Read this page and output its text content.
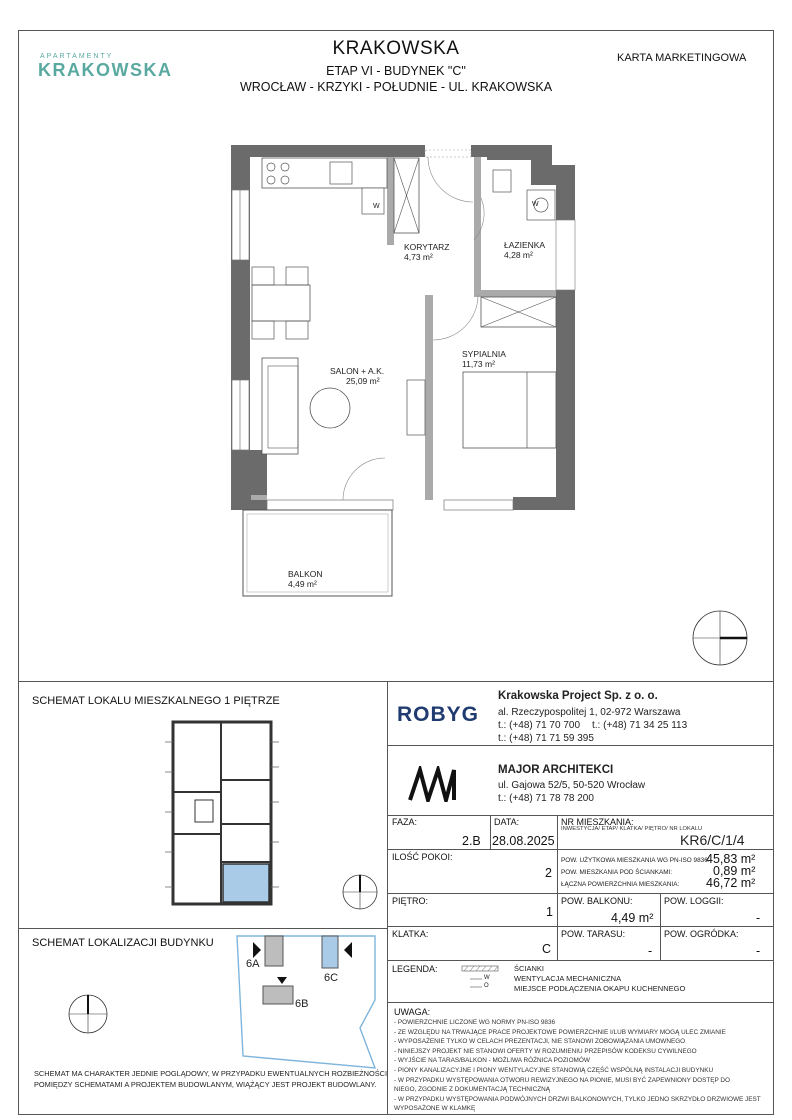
APARTAMENTY
KRAKOWSKA
KRAKOWSKA
ETAP VI - BUDYNEK "C"
WROCŁAW - KRZYKI - POŁUDNIE - UL. KRAKOWSKA
KARTA MARKETINGOWA
KORYTARZ
4,73 m²
ŁAZIENKA
4,28 m²
SALON + A.K.
25,09 m²
SYPIALNIA
11,73 m²
BALKON
4,49 m²
W	W
SCHEMAT LOKALU MIESZKALNEGO 1 PIĘTRZE
SCHEMAT LOKALIZACJI BUDYNKU
6A
6C
6B
SCHEMAT MA CHARAKTER JEDNIE POGLĄDOWY, W PRZYPADKU EWENTUALNYCH ROZBIEŻNOŚCI
POMIĘDZY SCHEMATAMI A PROJEKTEM BUDOWLANYM, WIĄŻĄCY JEST PROJEKT BUDOWLANY.
ROBYG
Krakowska Project Sp. z o. o.
al. Rzeczypospolitej 1, 02-972 Warszawa
t.: (+48) 71 70 700 t.: (+48) 71 34 25 113
t.: (+48) 71 71 59 395
MAJOR ARCHITEKCI
ul. Gajowa 52/5, 50-520 Wrocław
t.: (+48) 71 78 78 200
FAZA:
2.B
DATA:
28.08.2025
NR MIESZKANIA:
INWESTYCJA/ ETAP/ KLATKA/ PIĘTRO/ NR LOKALU
KR6/C/1/4
ILOŚĆ POKOI:
2
POW. UŻYTKOWA MIESZKANIA WG PN-ISO 9836:
45,83 m²
POW. MIESZKANIA POD ŚCIANKAMI:	0,89 m²
ŁĄCZNA POWIERZCHNIA MIESZKANIA: 46,72 m²
PIĘTRO:
1
POW. BALKONU:
4,49 m²
POW. LOGGII:
-
KLATKA:
C
POW. TARASU:
-
POW. OGRÓDKA:
-
LEGENDA:
W
O
ŚCIANKI
WENTYLACJA MECHANICZNA
MIEJSCE PODŁĄCZENIA OKAPU KUCHENNEGO
UWAGA:
- POWIERZCHNIE LICZONE WG NORMY PN-ISO 9836
- ZE WZGLĘDU NA TRWAJĄCE PRACE PROJEKTOWE POWIERZCHNIE I/LUB WYMIARY MOGĄ ULEC ZMIANIE
- WYPOSAŻENIE TYLKO W CELACH PREZENTACJI, NIE STANOWI ZOBOWIĄZANIA UMOWNEGO
- NINIEJSZY PROJEKT NIE STANOWI OFERTY W ROZUMIENIU PRZEPISÓW KODEKSU CYWILNEGO
- WYJŚCIE NA TARAS/BALKON - MOŻLIWA RÓŻNICA POZIOMÓW
- PIONY KANALIZACYJNE I PIONY WENTYLACYJNE STANOWIĄ CZĘŚĆ WSPÓLNĄ INSTALACJI BUDYNKU
- W PRZYPADKU WYSTĘPOWANIA OTWORU REWIZYJNEGO NA PIONIE, MUSI BYĆ ZAPEWNIONY DOSTĘP DO
NIEGO, ZGODNIE Z DOKUMENTACJĄ TECHNICZNĄ
- W PRZYPADKU WYSTĘPOWANIA PODWÓJNYCH DRZWI BALKONOWYCH, TYLKO JEDNO SKRZYDŁO DRZWIOWE JEST
WYPOSAŻONE W KLAMKĘ
